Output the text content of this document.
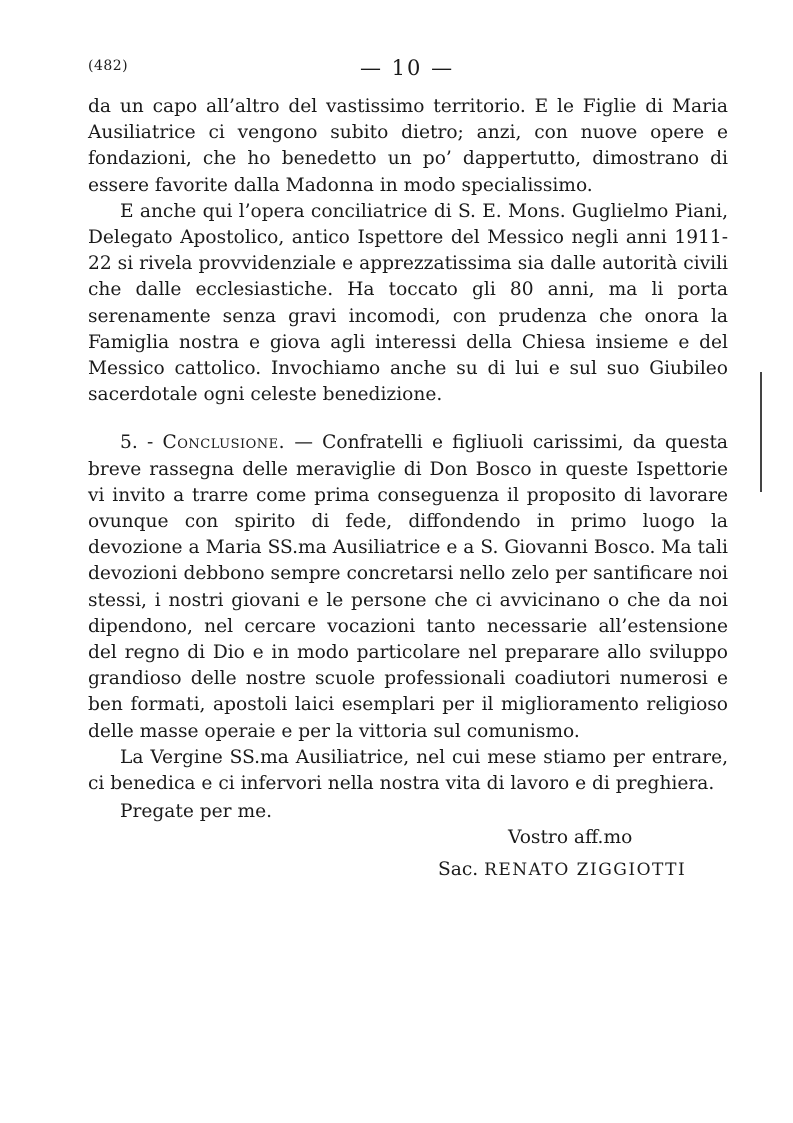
(482)	— 10 —

da un capo all’altro del vastissimo territorio. E le Figlie di Maria Ausiliatrice ci vengono subito dietro; anzi, con nuove opere e fondazioni, che ho benedetto un po’ dappertutto, dimostrano di essere favorite dalla Madonna in modo specialissimo.

E anche qui l’opera conciliatrice di S. E. Mons. Guglielmo Piani, Delegato Apostolico, antico Ispettore del Messico negli anni 1911-22 si rivela provvidenziale e apprezzatissima sia dalle autorità civili che dalle ecclesiastiche. Ha toccato gli 80 anni, ma li porta serenamente senza gravi incomodi, con prudenza che onora la Famiglia nostra e giova agli interessi della Chiesa insieme e del Messico cattolico. Invochiamo anche su di lui e sul suo Giubileo sacerdotale ogni celeste benedizione.

5. - Conclusione. — Confratelli e figliuoli carissimi, da questa breve rassegna delle meraviglie di Don Bosco in queste Ispettorie vi invito a trarre come prima conseguenza il proposito di lavorare ovunque con spirito di fede, diffondendo in primo luogo la devozione a Maria SS.ma Ausiliatrice e a S. Giovanni Bosco. Ma tali devozioni debbono sempre concretarsi nello zelo per santificare noi stessi, i nostri giovani e le persone che ci avvicinano o che da noi dipendono, nel cercare vocazioni tanto necessarie all’estensione del regno di Dio e in modo particolare nel preparare allo sviluppo grandioso delle nostre scuole professionali coadiutori numerosi e ben formati, apostoli laici esemplari per il miglioramento religioso delle masse operaie e per la vittoria sul comunismo.

La Vergine SS.ma Ausiliatrice, nel cui mese stiamo per entrare, ci benedica e ci infervori nella nostra vita di lavoro e di preghiera.

Pregate per me.
Vostro aff.mo
Sac. RENATO ZIGGIOTTI
